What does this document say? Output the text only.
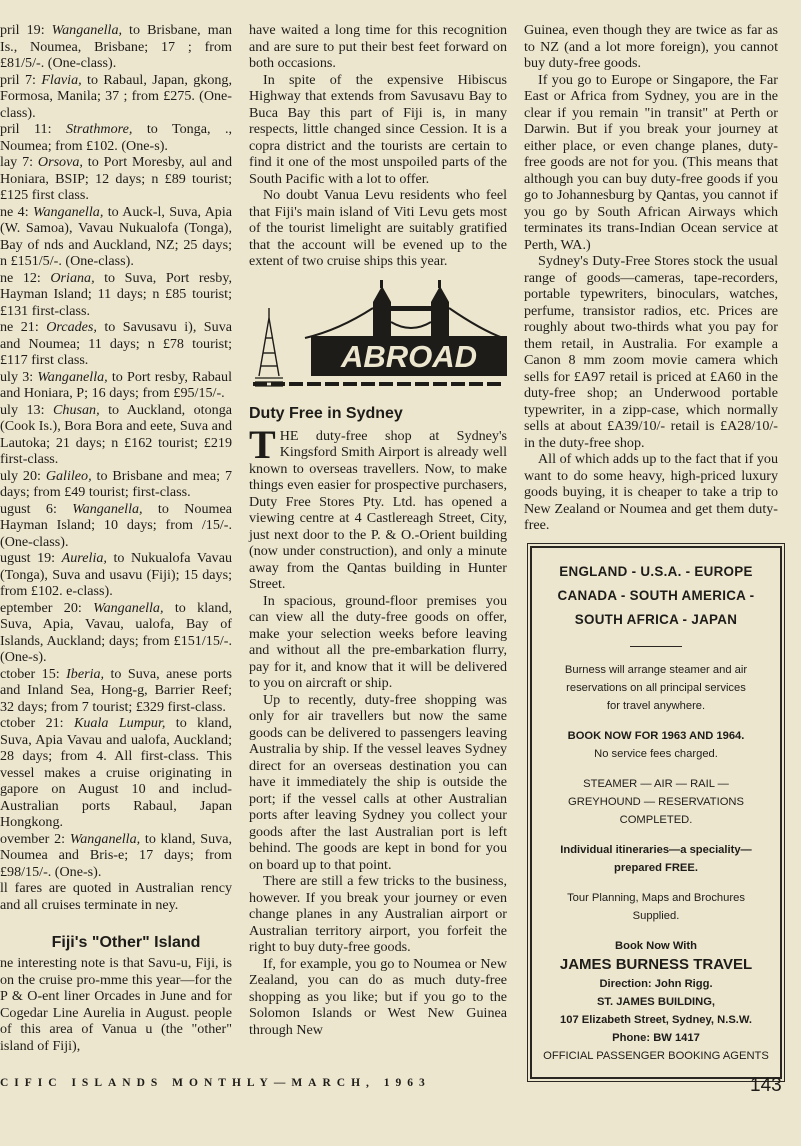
pril 19: Wanganella, to Brisbane, man Is., Noumea, Brisbane; 17 ; from £81/5/-. (One-class).

pril 7: Flavia, to Rabaul, Japan, gkong, Formosa, Manila; 37 ; from £275. (One-class).

pril 11: Strathmore, to Tonga, ., Noumea; from £102. (One-s).

lay 7: Orsova, to Port Moresby, aul and Honiara, BSIP; 12 days; n £89 tourist; £125 first class.

ne 4: Wanganella, to Auck-l, Suva, Apia (W. Samoa), Vavau Nukualofa (Tonga), Bay of nds and Auckland, NZ; 25 days; n £151/5/-. (One-class).

ne 12: Oriana, to Suva, Port resby, Hayman Island; 11 days; n £85 tourist; £131 first-class.

ne 21: Orcades, to Savusavu i), Suva and Noumea; 11 days; n £78 tourist; £117 first class.

uly 3: Wanganella, to Port resby, Rabaul and Honiara, P; 16 days; from £95/15/-.

uly 13: Chusan, to Auckland, otonga (Cook Is.), Bora Bora and eete, Suva and Lautoka; 21 days; n £162 tourist; £219 first-class.

uly 20: Galileo, to Brisbane and mea; 7 days; from £49 tourist; first-class.

ugust 6: Wanganella, to Noumea Hayman Island; 10 days; from /15/-. (One-class).

ugust 19: Aurelia, to Nukualofa Vavau (Tonga), Suva and usavu (Fiji); 15 days; from £102. e-class).

eptember 20: Wanganella, to kland, Suva, Apia, Vavau, ualofa, Bay of Islands, Auckland; days; from £151/15/-. (One-s).

ctober 15: Iberia, to Suva, anese ports and Inland Sea, Hong-g, Barrier Reef; 32 days; from 7 tourist; £329 first-class.

ctober 21: Kuala Lumpur, to kland, Suva, Apia Vavau and ualofa, Auckland; 28 days; from 4. All first-class. This vessel makes a cruise originating in gapore on August 10 and includ-Australian ports Rabaul, Japan Hongkong.

ovember 2: Wanganella, to kland, Suva, Noumea and Bris-e; 17 days; from £98/15/-. (One-s).

ll fares are quoted in Australian rency and all cruises terminate in ney.

Fiji's "Other" Island

ne interesting note is that Savu-u, Fiji, is on the cruise pro-mme this year—for the P & O-ent liner Orcades in June and for Cogedar Line Aurelia in August. people of this area of Vanua u (the "other" island of Fiji),

have waited a long time for this recognition and are sure to put their best feet forward on both occasions.

In spite of the expensive Hibiscus Highway that extends from Savusavu Bay to Buca Bay this part of Fiji is, in many respects, little changed since Cession. It is a copra district and the tourists are certain to find it one of the most unspoiled parts of the South Pacific with a lot to offer.

No doubt Vanua Levu residents who feel that Fiji's main island of Viti Levu gets most of the tourist limelight are suitably gratified that the account will be evened up to the extent of two cruise ships this year.

ABROAD
Duty Free in Sydney

THE duty-free shop at Sydney's Kingsford Smith Airport is already well known to overseas travellers. Now, to make things even easier for prospective purchasers, Duty Free Stores Pty. Ltd. has opened a viewing centre at 4 Castlereagh Street, City, just next door to the P. & O.-Orient building (now under construction), and only a minute away from the Qantas building in Hunter Street.

In spacious, ground-floor premises you can view all the duty-free goods on offer, make your selection weeks before leaving and without all the pre-embarkation flurry, pay for it, and know that it will be delivered to you on aircraft or ship.

Up to recently, duty-free shopping was only for air travellers but now the same goods can be delivered to passengers leaving Australia by ship. If the vessel leaves Sydney direct for an overseas destination you can have it immediately the ship is outside the port; if the vessel calls at other Australian ports after leaving Sydney you collect your goods after the last Australian port is left behind. The goods are kept in bond for you on board up to that point.

There are still a few tricks to the business, however. If you break your journey or even change planes in any Australian airport or Australian territory airport, you forfeit the right to buy duty-free goods.

If, for example, you go to Noumea or New Zealand, you can do as much duty-free shopping as you like; but if you go to the Solomon Islands or West New Guinea through New

Guinea, even though they are twice as far as to NZ (and a lot more foreign), you cannot buy duty-free goods.

If you go to Europe or Singapore, the Far East or Africa from Sydney, you are in the clear if you remain "in transit" at Perth or Darwin. But if you break your journey at either place, or even change planes, duty-free goods are not for you. (This means that although you can buy duty-free goods if you go to Johannesburg by Qantas, you cannot if you go by South African Airways which terminates its trans-Indian Ocean service at Perth, WA.)

Sydney's Duty-Free Stores stock the usual range of goods—cameras, tape-recorders, portable typewriters, binoculars, watches, perfume, transistor radios, etc. Prices are roughly about two-thirds what you pay for them retail, in Australia. For example a Canon 8 mm zoom movie camera which sells for £A97 retail is priced at £A60 in the duty-free shop; an Underwood portable typewriter, in a zipp-case, which normally sells at about £A39/10/- retail is £A28/10/- in the duty-free shop.

All of which adds up to the fact that if you want to do some heavy, high-priced luxury goods buying, it is cheaper to take a trip to New Zealand or Noumea and get them duty-free.

ENGLAND - U.S.A. - EUROPE
CANADA - SOUTH AMERICA -
SOUTH AFRICA - JAPAN
Burness will arrange steamer and air
reservations on all principal services
for travel anywhere.
BOOK NOW FOR 1963 AND 1964.
No service fees charged.
STEAMER — AIR — RAIL —
GREYHOUND — RESERVATIONS
COMPLETED.
Individual itineraries—a speciality—
prepared FREE.
Tour Planning, Maps and Brochures
Supplied.
Book Now With
JAMES BURNESS TRAVEL
Direction: John Rigg.
ST. JAMES BUILDING,
107 Elizabeth Street, Sydney, N.S.W.
Phone: BW 1417
OFFICIAL PASSENGER BOOKING AGENTS
CIFIC ISLANDS MONTHLY—MARCH, 1963	143
